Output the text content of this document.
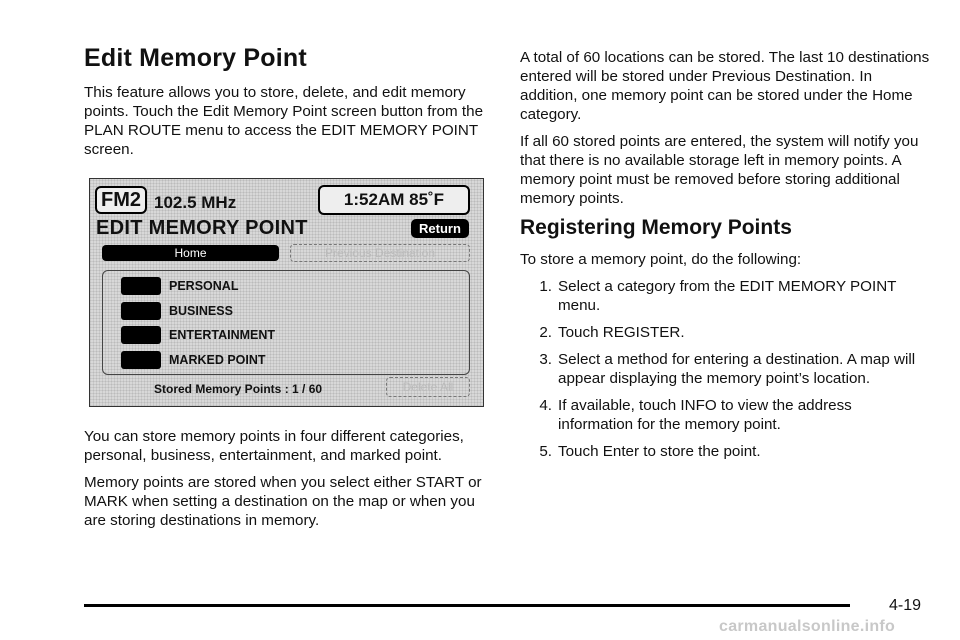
Edit Memory Point

This feature allows you to store, delete, and edit memory points. Touch the Edit Memory Point screen button from the PLAN ROUTE menu to access the EDIT MEMORY POINT screen.

FM2 102.5 MHz	1:52AM 85˚F
EDIT MEMORY POINT	Return
Home	Previous Destination
PERSONAL
BUSINESS
ENTERTAINMENT
MARKED POINT
Stored Memory Points : 1 / 60	Delete All

You can store memory points in four different categories, personal, business, entertainment, and marked point.

Memory points are stored when you select either START or MARK when setting a destination on the map or when you are storing destinations in memory.

A total of 60 locations can be stored. The last 10 destinations entered will be stored under Previous Destination. In addition, one memory point can be stored under the Home category.

If all 60 stored points are entered, the system will notify you that there is no available storage left in memory points. A memory point must be removed before storing additional memory points.

Registering Memory Points

To store a memory point, do the following:

1. Select a category from the EDIT MEMORY POINT menu.
2. Touch REGISTER.
3. Select a method for entering a destination. A map will appear displaying the memory point’s location.
4. If available, touch INFO to view the address information for the memory point.
5. Touch Enter to store the point.
4-19
carmanualsonline.info
